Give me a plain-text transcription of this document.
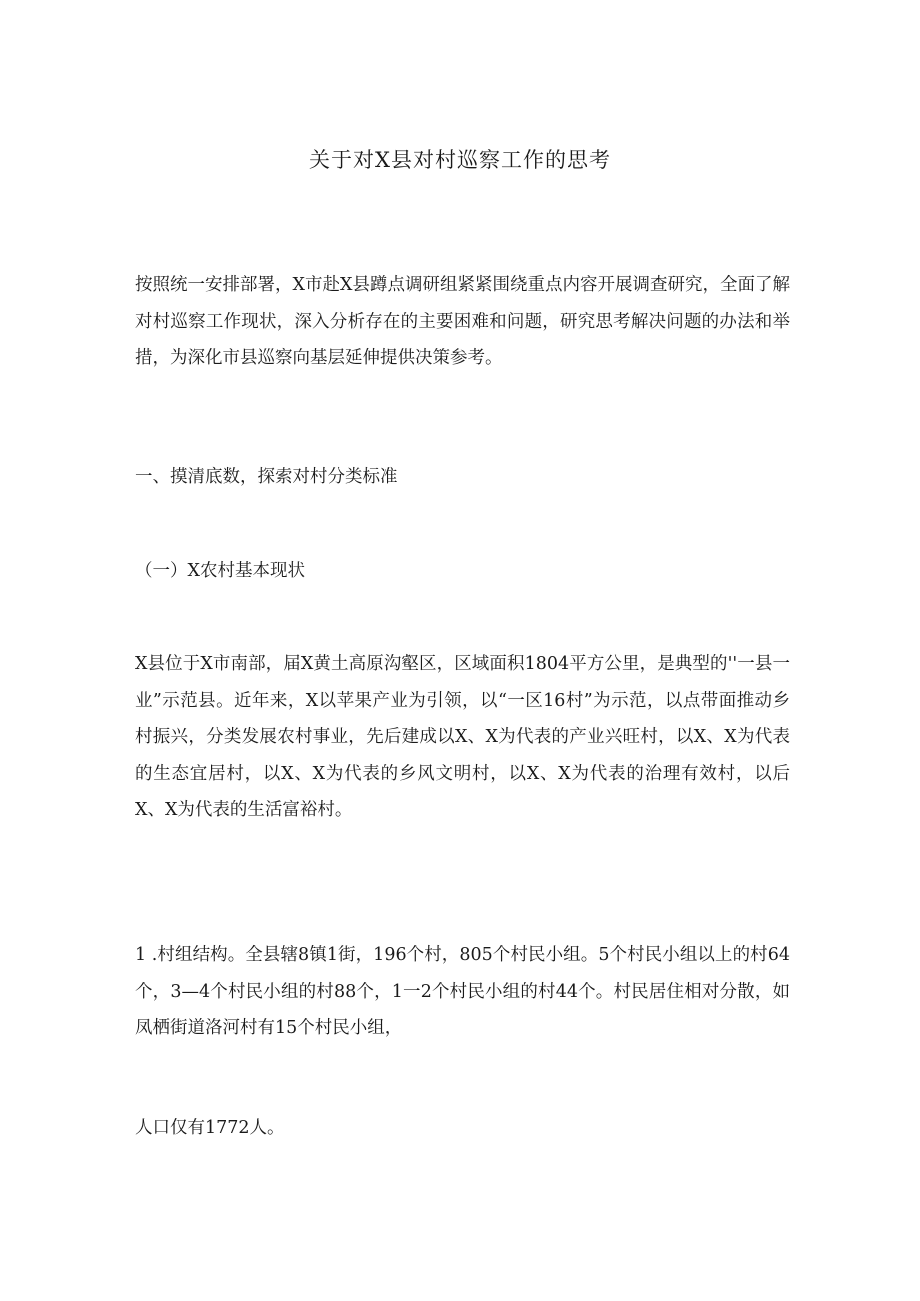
关于对X县对村巡察工作的思考
按照统一安排部署，X市赴X县蹲点调研组紧紧围绕重点内容开展调查研究，全面了解对村巡察工作现状，深入分析存在的主要困难和问题，研究思考解决问题的办法和举措，为深化市县巡察向基层延伸提供决策参考。
一、摸清底数，探索对村分类标准
（一）X农村基本现状
X县位于X市南部，届X黄土高原沟壑区，区域面积1804平方公里，是典型的''一县一业”示范县。近年来，X以苹果产业为引领，以“一区16村”为示范，以点带面推动乡村振兴，分类发展农村事业，先后建成以X、X为代表的产业兴旺村，以X、X为代表的生态宜居村，以X、X为代表的乡风文明村，以X、X为代表的治理有效村，以后X、X为代表的生活富裕村。
1 .村组结构。全县辖8镇1街，196个村，805个村民小组。5个村民小组以上的村64个，3—4个村民小组的村88个，1一2个村民小组的村44个。村民居住相对分散，如凤栖街道洛河村有15个村民小组，
人口仅有1772人。
